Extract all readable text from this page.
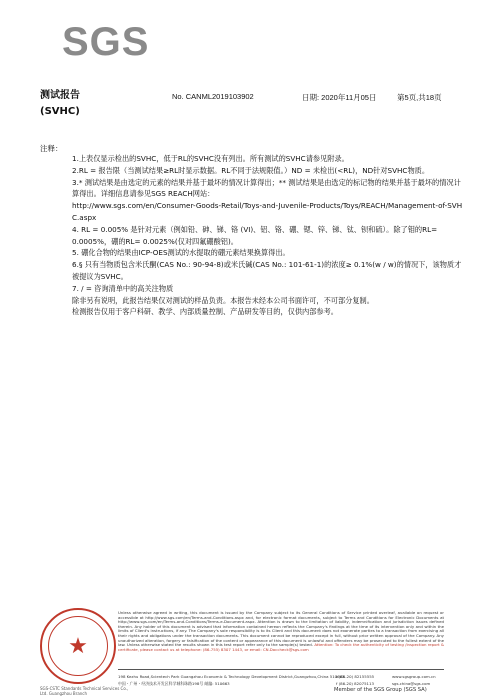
SGS
测试报告
(SVHC)
No. CANML2019103902	日期: 2020年11月05日	第5页,共18页
注释：

1.上表仅显示检出的SVHC，低于RL的SVHC没有列出。所有测试的SVHC请参见附录。

2.RL = 报告限（当测试结果≥RL时显示数据。RL不同于法规限值。）ND = 未检出(<RL)，ND针对SVHC物质。

3.* 测试结果是由选定的元素的结果并基于最坏的情况计算得出；** 测试结果是由选定的标记物的结果并基于最坏的情况计算得出。详细信息请参见SGS REACH网站：

http://www.sgs.com/en/Consumer-Goods-Retail/Toys-and-Juvenile-Products/Toys/REACH/Management-of-SVHC.aspx

4. RL = 0.005% 是针对元素（例如铅、砷、锑、铬 (VI)、铝、铬、硼、锶、锌、锑、钛、钡和硫）。除了钼的RL= 0.0005%，硼的RL= 0.0025%(仅对四氟硼酸铝)。

5. 硼化合物的结果由ICP-OES测试的水提取的硼元素结果换算得出。

6.§ 只有当物质包含米氏酮(CAS No.: 90-94-8)或米氏碱(CAS No.: 101-61-1)的浓度≥ 0.1%(w / w)的情况下，该物质才被提议为SVHC。

7. / = 咨询清单中的高关注物质

除非另有说明，此报告结果仅对测试的样品负责。本报告未经本公司书面许可，不可部分复制。

检测报告仅用于客户科研、教学、内部质量控制、产品研发等目的，仅供内部参考。

★
SGS-CSTC Standards Technical Services Co., Ltd. Guangzhou Branch
Unless otherwise agreed in writing, this document is issued by the Company subject to its General Conditions of Service printed overleaf, available on request or accessible at http://www.sgs.com/en/Terms-and-Conditions.aspx and, for electronic format documents, subject to Terms and Conditions for Electronic Documents at http://www.sgs.com/en/Terms-and-Conditions/Terms-e-Document.aspx. Attention is drawn to the limitation of liability, indemnification and jurisdiction issues defined therein. Any holder of this document is advised that information contained hereon reflects the Company's findings at the time of its intervention only and within the limits of Client's instructions, if any. The Company's sole responsibility is to its Client and this document does not exonerate parties to a transaction from exercising all their rights and obligations under the transaction documents. This document cannot be reproduced except in full, without prior written approval of the Company. Any unauthorized alteration, forgery or falsification of the content or appearance of this document is unlawful and offenders may be prosecuted to the fullest extent of the law. Unless otherwise stated the results shown in this test report refer only to the sample(s) tested. Attention: To check the authenticity of testing /inspection report & certificate, please contact us at telephone: (86-755) 8307 1443, or email: CN.Doccheck@sgs.com
198 Kezhu Road,Scientech Park Guangzhou Economic & Technology Development District,Guangzhou,China 510663
中国・广州・经济技术开发区科学城科珠路198号 邮编: 510663
t (86-20) 82155555
f (86-20) 82075113
www.sgsgroup.com.cn
sgs.china@sgs.com
Member of the SGS Group (SGS SA)
